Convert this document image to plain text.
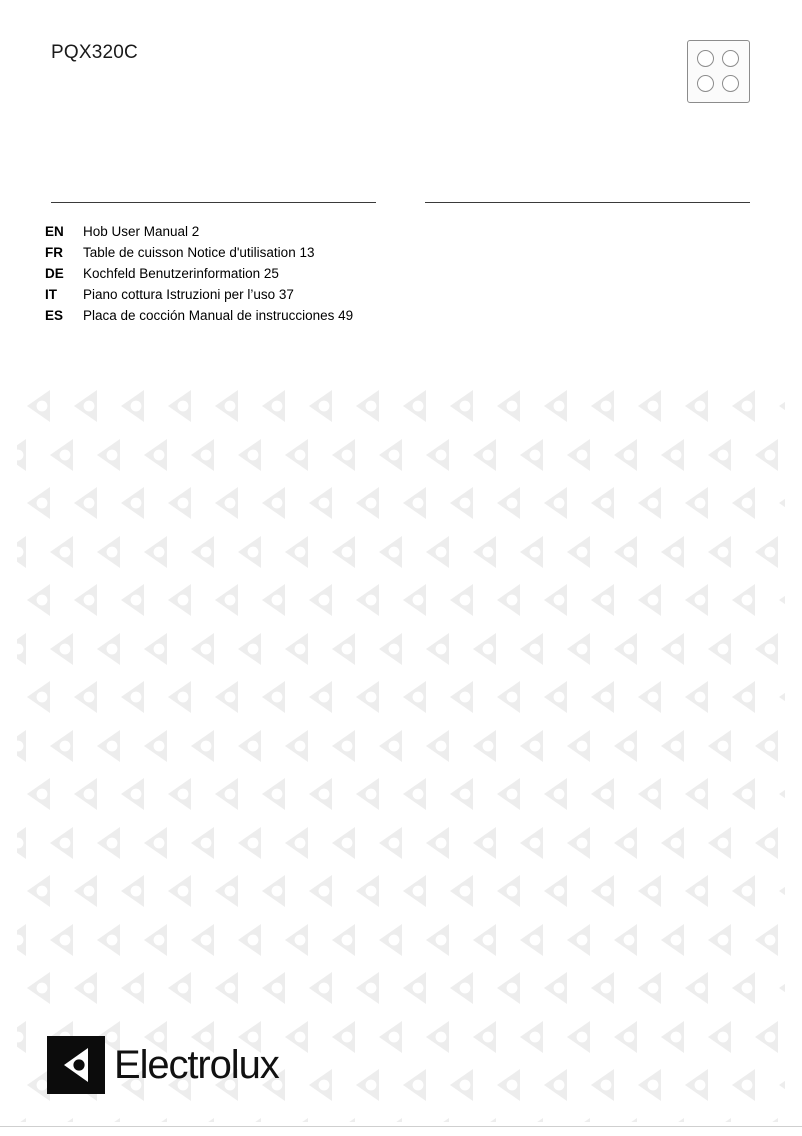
PQX320C
EN	Hob User Manual 2
FR	Table de cuisson Notice d'utilisation 13
DE	Kochfeld Benutzerinformation 25
IT	Piano cottura Istruzioni per l’uso 37
ES	Placa de cocción Manual de instrucciones 49
Electrolux
